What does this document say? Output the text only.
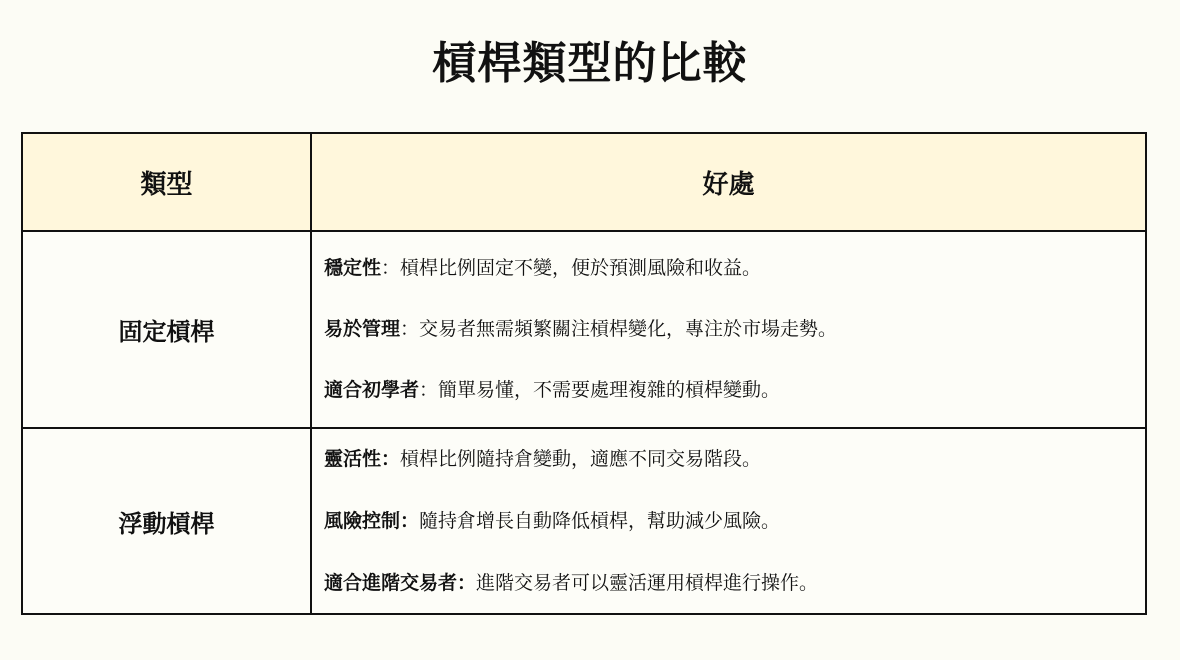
槓桿類型的比較
類型	好處
固定槓桿	穩定性：槓桿比例固定不變，便於預測風險和收益。
易於管理：交易者無需頻繁關注槓桿變化，專注於市場走勢。
適合初學者：簡單易懂，不需要處理複雜的槓桿變動。

浮動槓桿	靈活性：槓桿比例隨持倉變動，適應不同交易階段。
風險控制：隨持倉增長自動降低槓桿，幫助減少風險。
適合進階交易者：進階交易者可以靈活運用槓桿進行操作。
